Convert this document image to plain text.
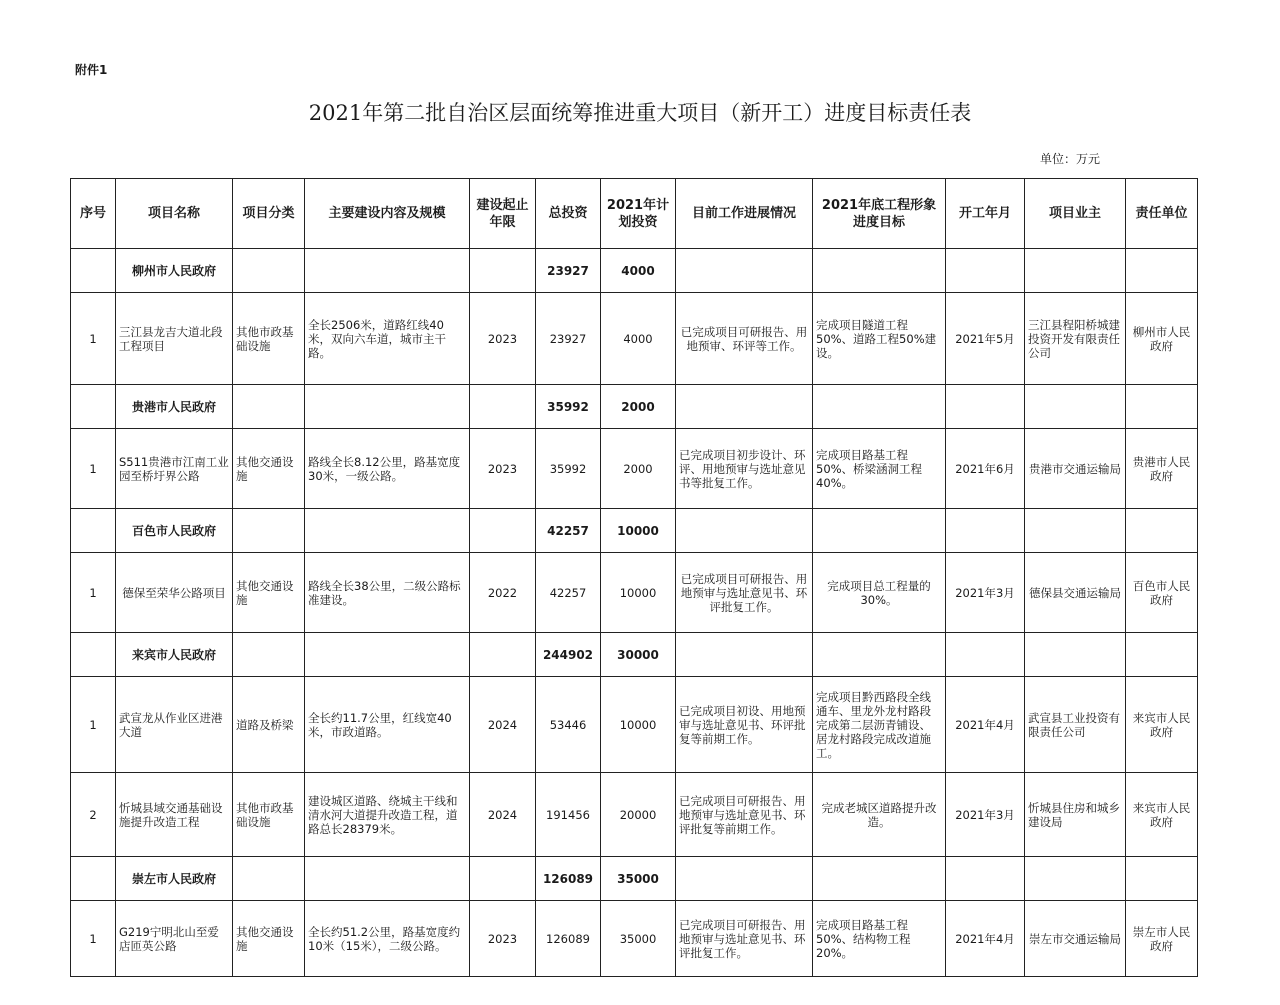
附件1
2021年第二批自治区层面统筹推进重大项目（新开工）进度目标责任表
单位：万元
序号	项目名称	项目分类	主要建设内容及规模	建设起止年限	总投资	2021年计划投资	目前工作进展情况	2021年底工程形象进度目标	开工年月	项目业主	责任单位
	柳州市人民政府				23927	4000					
1	三江县龙吉大道北段工程项目	其他市政基础设施	全长2506米，道路红线40米，双向六车道，城市主干路。	2023	23927	4000	已完成项目可研报告、用地预审、环评等工作。	完成项目隧道工程50%、道路工程50%建设。	2021年5月	三江县程阳桥城建投资开发有限责任公司	柳州市人民政府
	贵港市人民政府				35992	2000					
1	S511贵港市江南工业园至桥圩界公路	其他交通设施	路线全长8.12公里，路基宽度30米，一级公路。	2023	35992	2000	已完成项目初步设计、环评、用地预审与选址意见书等批复工作。	完成项目路基工程50%、桥梁涵洞工程40%。	2021年6月	贵港市交通运输局	贵港市人民政府
	百色市人民政府				42257	10000					
1	德保至荣华公路项目	其他交通设施	路线全长38公里，二级公路标准建设。	2022	42257	10000	已完成项目可研报告、用地预审与选址意见书、环评批复工作。	完成项目总工程量的30%。	2021年3月	德保县交通运输局	百色市人民政府
	来宾市人民政府				244902	30000					
1	武宣龙从作业区进港大道	道路及桥梁	全长约11.7公里，红线宽40米，市政道路。	2024	53446	10000	已完成项目初设、用地预审与选址意见书、环评批复等前期工作。	完成项目黔西路段全线通车、里龙外龙村路段完成第二层沥青铺设、居龙村路段完成改道施工。	2021年4月	武宣县工业投资有限责任公司	来宾市人民政府
2	忻城县域交通基础设施提升改造工程	其他市政基础设施	建设城区道路、绕城主干线和清水河大道提升改造工程，道路总长28379米。	2024	191456	20000	已完成项目可研报告、用地预审与选址意见书、环评批复等前期工作。	完成老城区道路提升改造。	2021年3月	忻城县住房和城乡建设局	来宾市人民政府
	崇左市人民政府				126089	35000					
1	G219宁明北山至爱店匝英公路	其他交通设施	全长约51.2公里，路基宽度约10米（15米），二级公路。	2023	126089	35000	已完成项目可研报告、用地预审与选址意见书、环评批复工作。	完成项目路基工程50%、结构物工程20%。	2021年4月	崇左市交通运输局	崇左市人民政府
